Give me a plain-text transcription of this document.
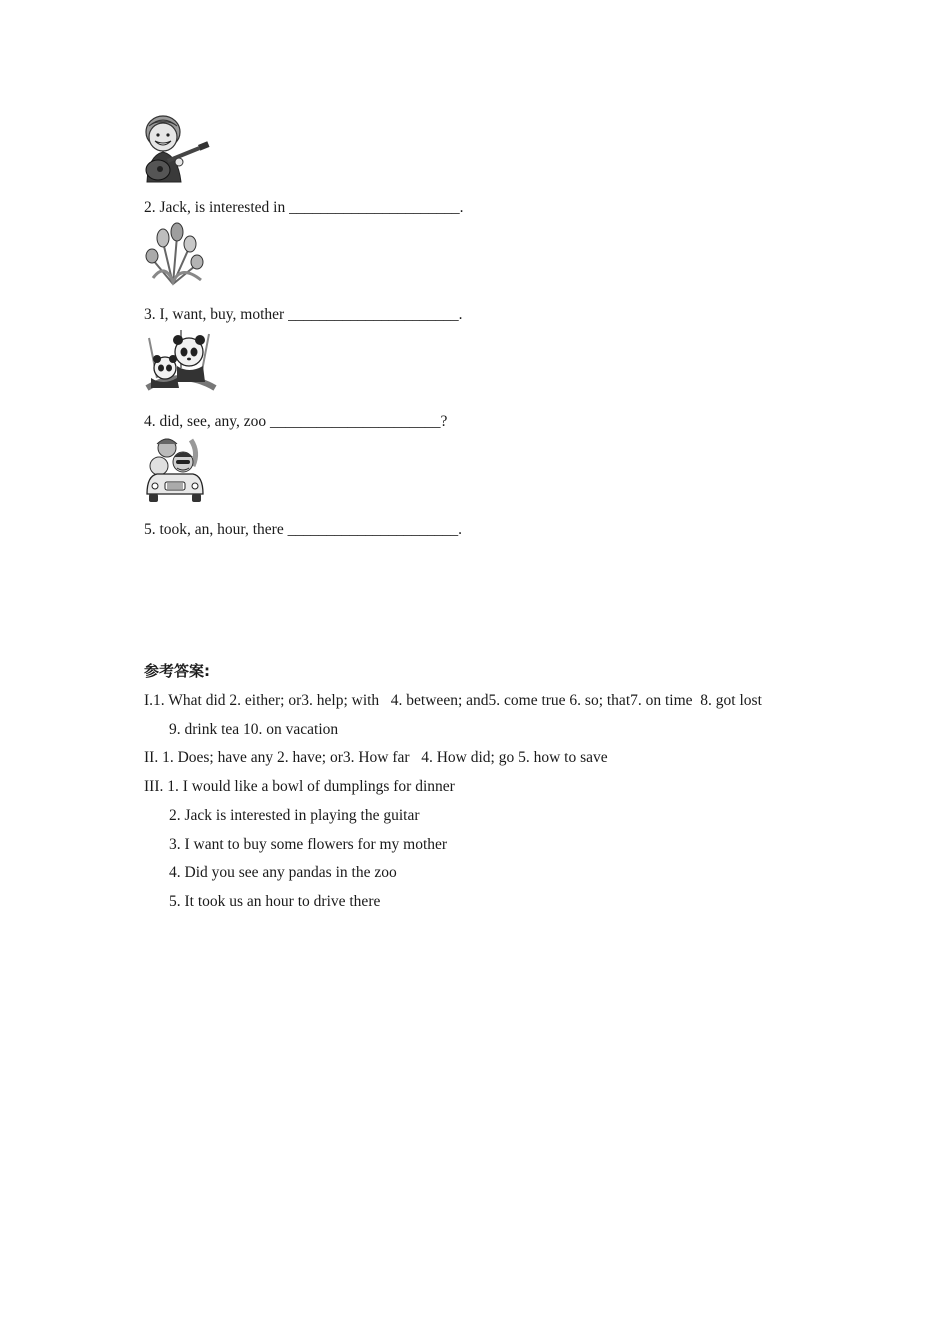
2. Jack, is interested in ______________________.
3. I, want, buy, mother ______________________.
4. did, see, any, zoo ______________________?
5. took, an, hour, there ______________________.
参考答案:
I.1. What did 2. either; or3. help; with   4. between; and5. come true 6. so; that7. on time  8. got lost
9. drink tea 10. on vacation
II. 1. Does; have any 2. have; or3. How far   4. How did; go 5. how to save
III. 1. I would like a bowl of dumplings for dinner
2. Jack is interested in playing the guitar
3. I want to buy some flowers for my mother
4. Did you see any pandas in the zoo
5. It took us an hour to drive there
